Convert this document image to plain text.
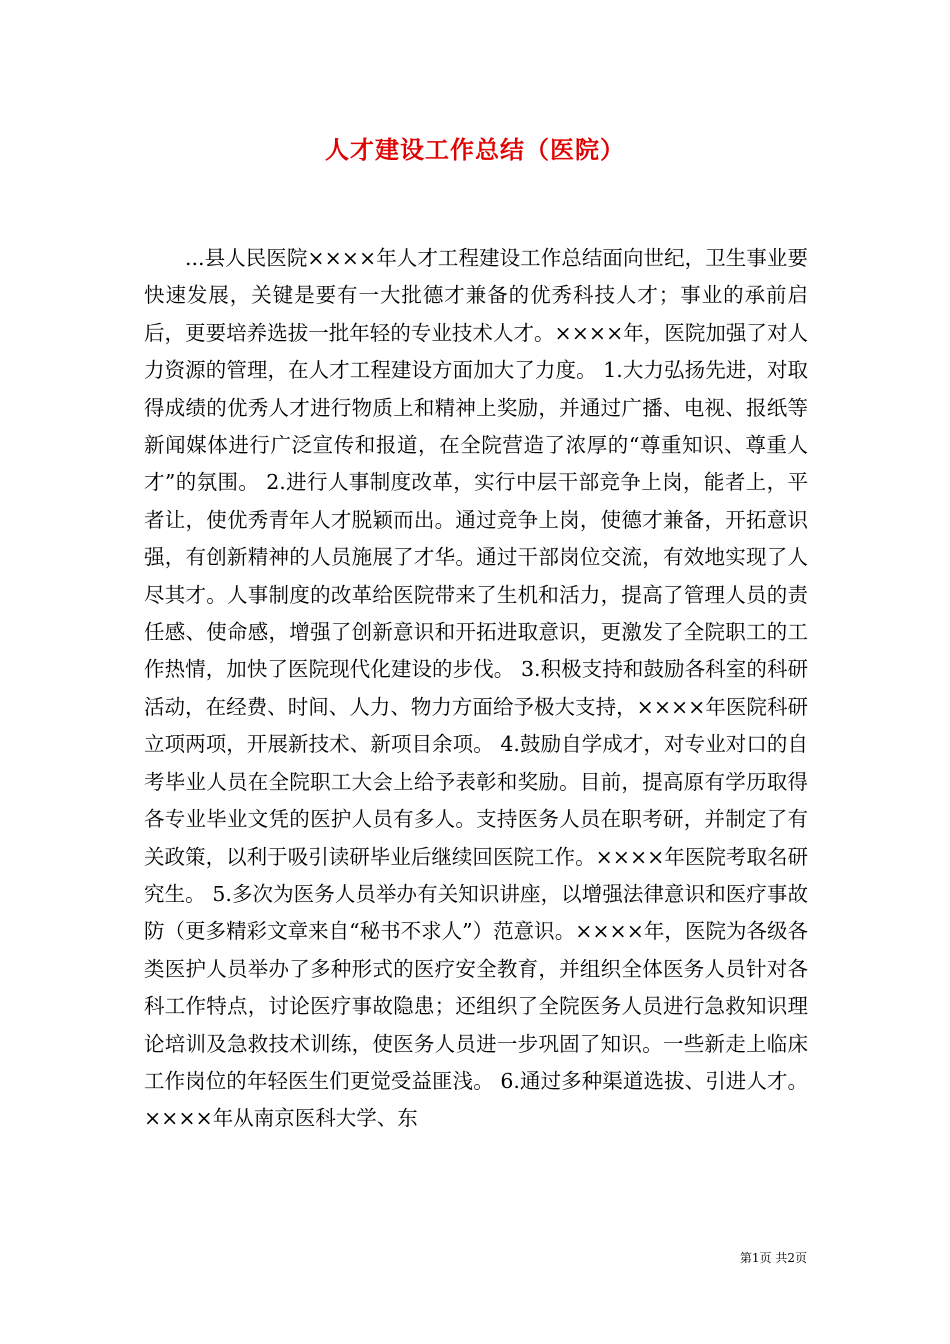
人才建设工作总结（医院）

...县人民医院××××年人才工程建设工作总结面向世纪，卫生事业要快速发展，关键是要有一大批德才兼备的优秀科技人才；事业的承前启后，更要培养选拔一批年轻的专业技术人才。××××年，医院加强了对人力资源的管理，在人才工程建设方面加大了力度。 1.大力弘扬先进，对取得成绩的优秀人才进行物质上和精神上奖励，并通过广播、电视、报纸等新闻媒体进行广泛宣传和报道，在全院营造了浓厚的“尊重知识、尊重人才”的氛围。 2.进行人事制度改革，实行中层干部竞争上岗，能者上，平者让，使优秀青年人才脱颖而出。通过竞争上岗，使德才兼备，开拓意识强，有创新精神的人员施展了才华。通过干部岗位交流，有效地实现了人尽其才。人事制度的改革给医院带来了生机和活力，提高了管理人员的责任感、使命感，增强了创新意识和开拓进取意识，更激发了全院职工的工作热情，加快了医院现代化建设的步伐。 3.积极支持和鼓励各科室的科研活动，在经费、时间、人力、物力方面给予极大支持，××××年医院科研立项两项，开展新技术、新项目余项。 4.鼓励自学成才，对专业对口的自考毕业人员在全院职工大会上给予表彰和奖励。目前，提高原有学历取得各专业毕业文凭的医护人员有多人。支持医务人员在职考研，并制定了有关政策，以利于吸引读研毕业后继续回医院工作。××××年医院考取名研究生。 5.多次为医务人员举办有关知识讲座，以增强法律意识和医疗事故防（更多精彩文章来自“秘书不求人”）范意识。××××年，医院为各级各类医护人员举办了多种形式的医疗安全教育，并组织全体医务人员针对各科工作特点，讨论医疗事故隐患；还组织了全院医务人员进行急救知识理论培训及急救技术训练，使医务人员进一步巩固了知识。一些新走上临床工作岗位的年轻医生们更觉受益匪浅。 6.通过多种渠道选拔、引进人才。××××年从南京医科大学、东

第1页 共2页
